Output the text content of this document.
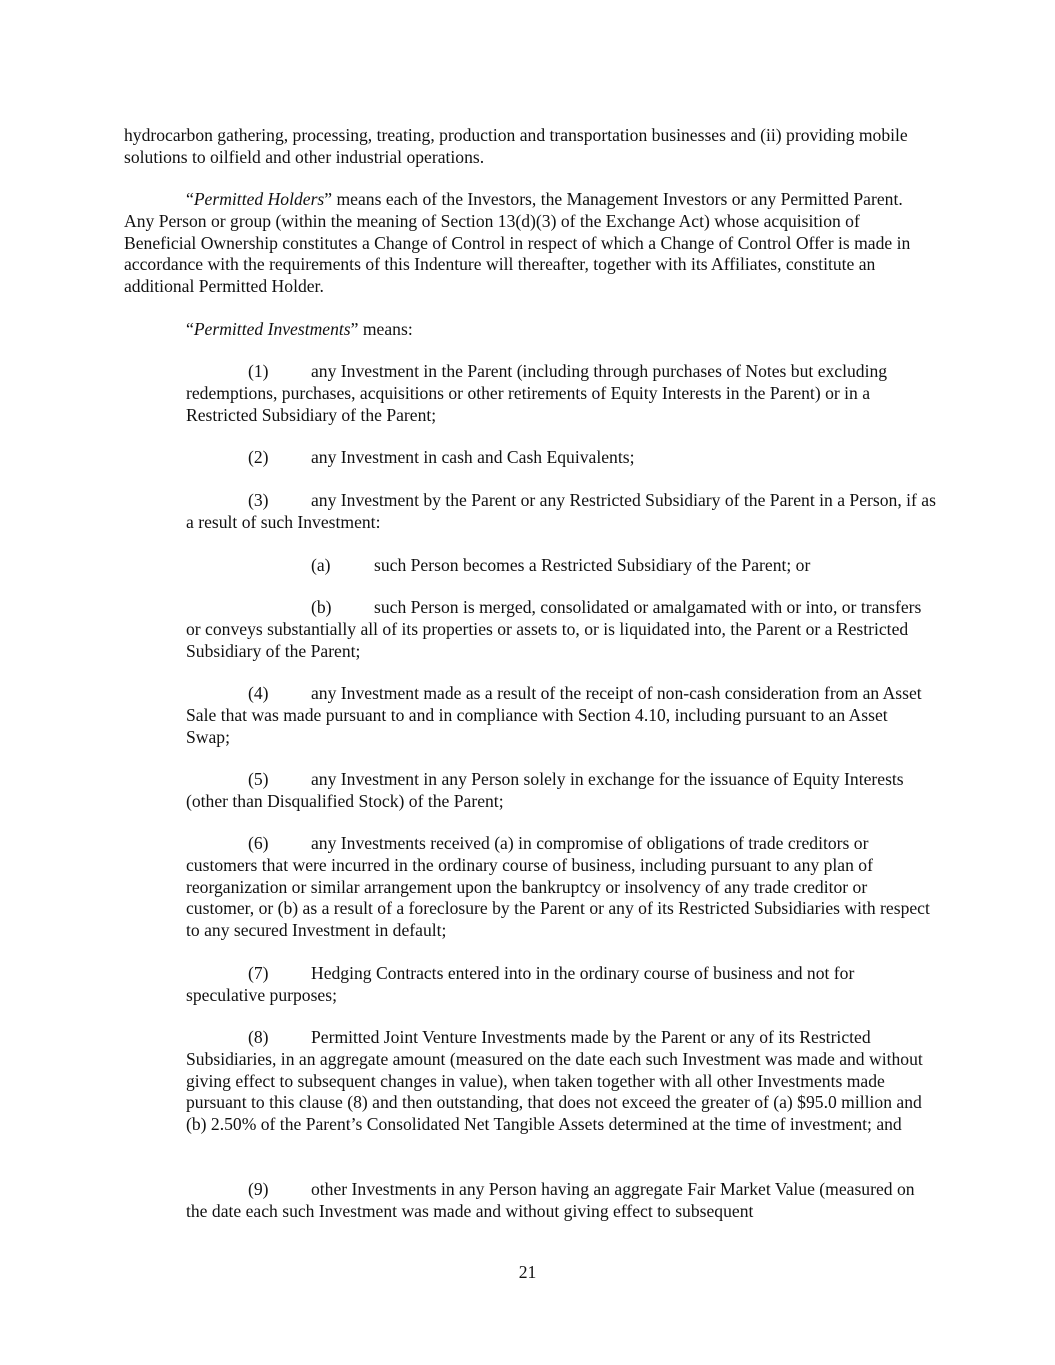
hydrocarbon gathering, processing, treating, production and transportation businesses and (ii) providing mobile solutions to oilfield and other industrial operations.

“Permitted Holders” means each of the Investors, the Management Investors or any Permitted Parent. Any Person or group (within the meaning of Section 13(d)(3) of the Exchange Act) whose acquisition of Beneficial Ownership constitutes a Change of Control in respect of which a Change of Control Offer is made in accordance with the requirements of this Indenture will thereafter, together with its Affiliates, constitute an additional Permitted Holder.

“Permitted Investments” means:

(1) any Investment in the Parent (including through purchases of Notes but excluding redemptions, purchases, acquisitions or other retirements of Equity Interests in the Parent) or in a Restricted Subsidiary of the Parent;

(2) any Investment in cash and Cash Equivalents;

(3) any Investment by the Parent or any Restricted Subsidiary of the Parent in a Person, if as a result of such Investment:

(a) such Person becomes a Restricted Subsidiary of the Parent; or

(b) such Person is merged, consolidated or amalgamated with or into, or transfers or conveys substantially all of its properties or assets to, or is liquidated into, the Parent or a Restricted Subsidiary of the Parent;

(4) any Investment made as a result of the receipt of non-cash consideration from an Asset Sale that was made pursuant to and in compliance with Section 4.10, including pursuant to an Asset Swap;

(5) any Investment in any Person solely in exchange for the issuance of Equity Interests (other than Disqualified Stock) of the Parent;

(6) any Investments received (a) in compromise of obligations of trade creditors or customers that were incurred in the ordinary course of business, including pursuant to any plan of reorganization or similar arrangement upon the bankruptcy or insolvency of any trade creditor or customer, or (b) as a result of a foreclosure by the Parent or any of its Restricted Subsidiaries with respect to any secured Investment in default;

(7) Hedging Contracts entered into in the ordinary course of business and not for speculative purposes;

(8) Permitted Joint Venture Investments made by the Parent or any of its Restricted Subsidiaries, in an aggregate amount (measured on the date each such Investment was made and without giving effect to subsequent changes in value), when taken together with all other Investments made pursuant to this clause (8) and then outstanding, that does not exceed the greater of (a) $95.0 million and (b) 2.50% of the Parent’s Consolidated Net Tangible Assets determined at the time of investment; and

(9) other Investments in any Person having an aggregate Fair Market Value (measured on the date each such Investment was made and without giving effect to subsequent

21
